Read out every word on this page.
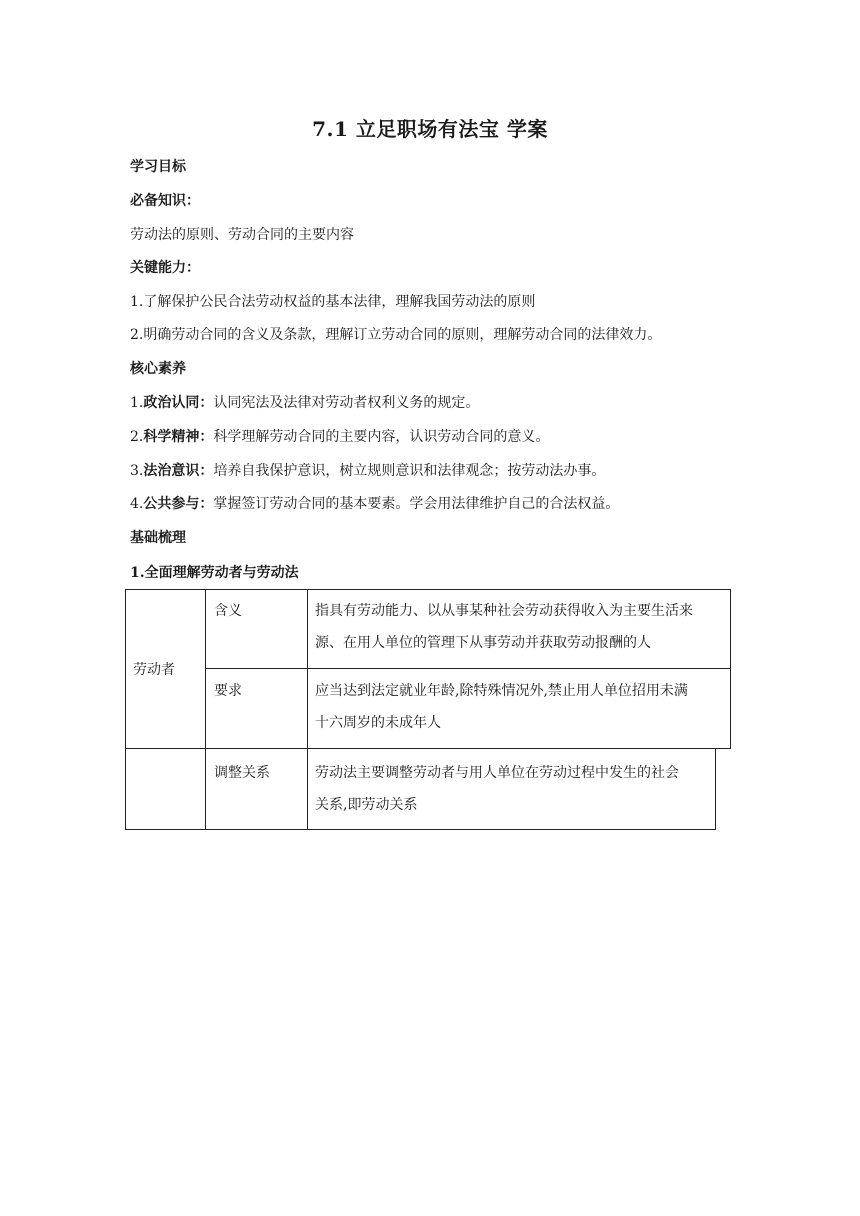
7.1 立足职场有法宝 学案
学习目标
必备知识：
劳动法的原则、劳动合同的主要内容
关键能力：
1.了解保护公民合法劳动权益的基本法律，理解我国劳动法的原则
2.明确劳动合同的含义及条款，理解订立劳动合同的原则，理解劳动合同的法律效力。
核心素养
1.政治认同：认同宪法及法律对劳动者权利义务的规定。
2.科学精神：科学理解劳动合同的主要内容，认识劳动合同的意义。
3.法治意识：培养自我保护意识，树立规则意识和法律观念；按劳动法办事。
4.公共参与：掌握签订劳动合同的基本要素。学会用法律维护自己的合法权益。
基础梳理
1.全面理解劳动者与劳动法
劳动者
含义	指具有劳动能力、以从事某种社会劳动获得收入为主要生活来
源、在用人单位的管理下从事劳动并获取劳动报酬的人
要求	应当达到法定就业年龄,除特殊情况外,禁止用人单位招用未满
十六周岁的未成年人
调整关系	劳动法主要调整劳动者与用人单位在劳动过程中发生的社会
关系,即劳动关系
